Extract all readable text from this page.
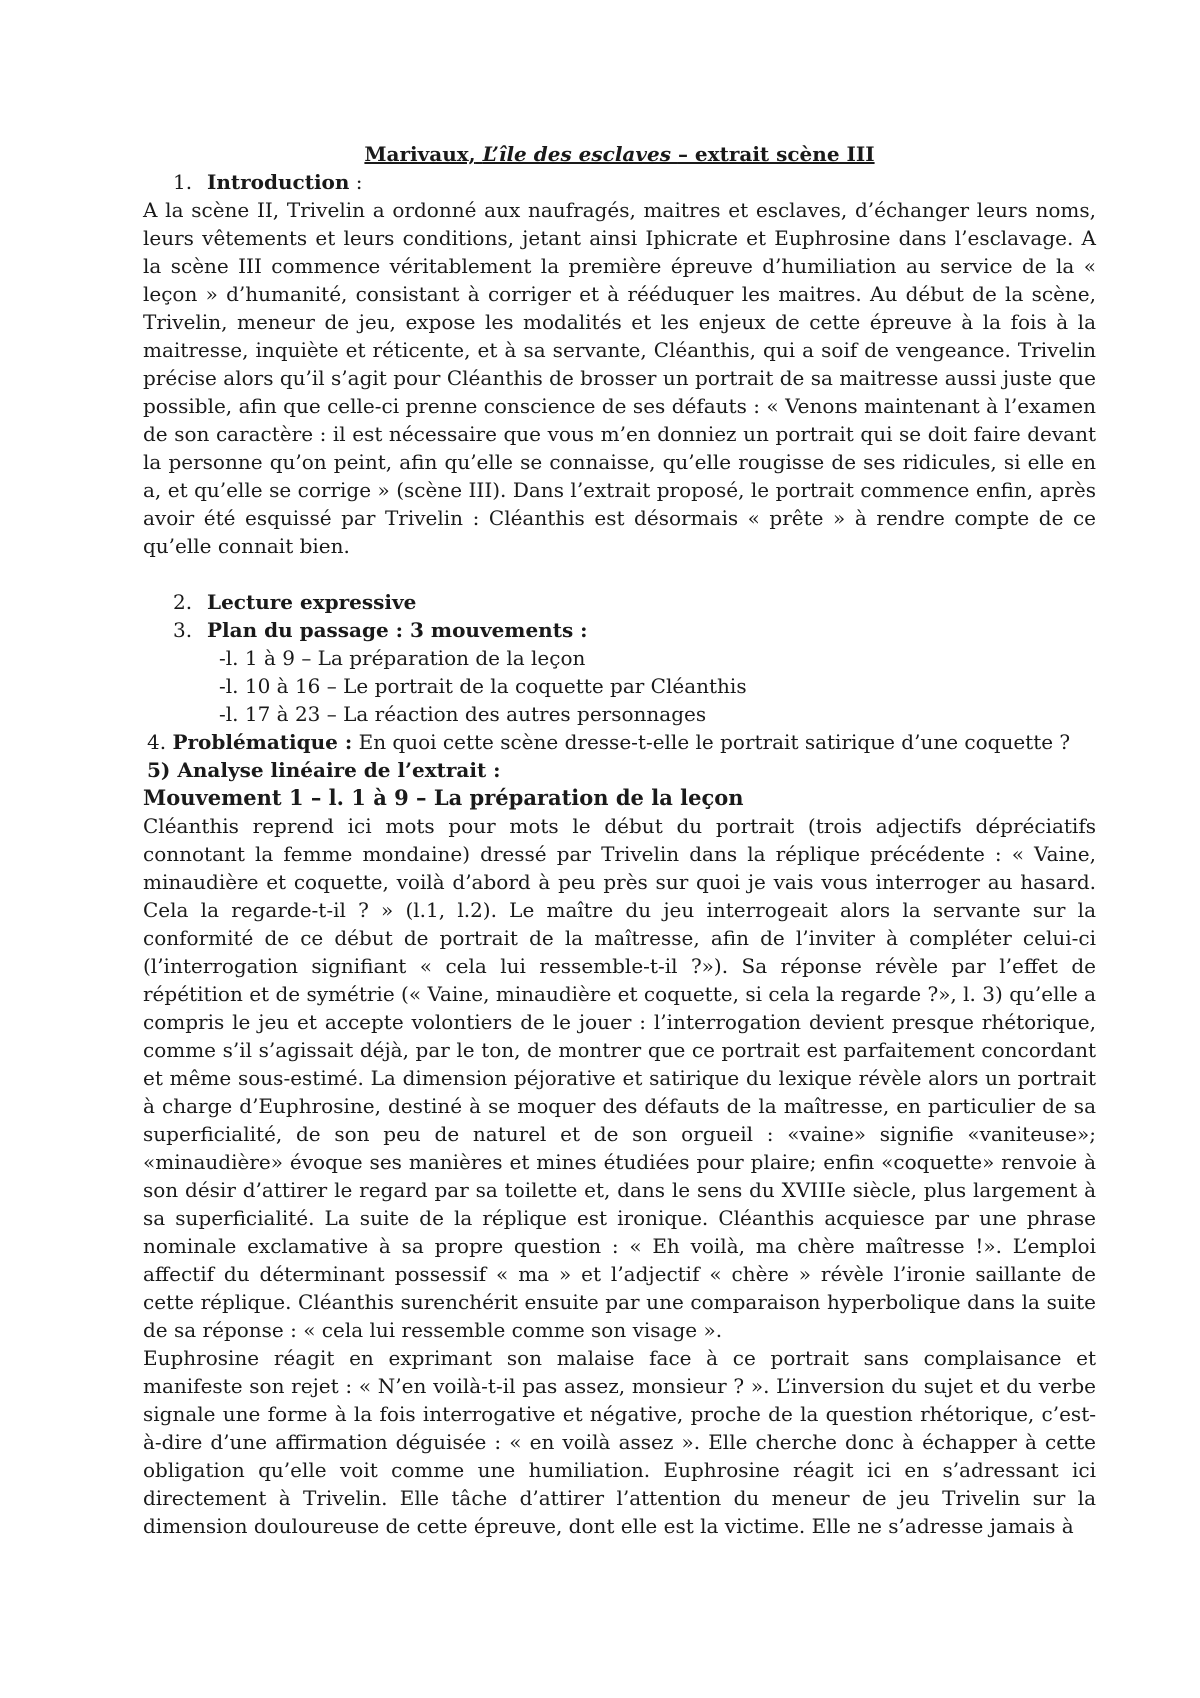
Marivaux, L’île des esclaves – extrait scène III
1. Introduction :

A la scène II, Trivelin a ordonné aux naufragés, maitres et esclaves, d’échanger leurs noms, leurs vêtements et leurs conditions, jetant ainsi Iphicrate et Euphrosine dans l’esclavage. A la scène III commence véritablement la première épreuve d’humiliation au service de la « leçon » d’humanité, consistant à corriger et à rééduquer les maitres. Au début de la scène, Trivelin, meneur de jeu, expose les modalités et les enjeux de cette épreuve à la fois à la maitresse, inquiète et réticente, et à sa servante, Cléanthis, qui a soif de vengeance. Trivelin précise alors qu’il s’agit pour Cléanthis de brosser un portrait de sa maitresse aussi juste que possible, afin que celle-ci prenne conscience de ses défauts : « Venons maintenant à l’examen de son caractère : il est nécessaire que vous m’en donniez un portrait qui se doit faire devant la personne qu’on peint, afin qu’elle se connaisse, qu’elle rougisse de ses ridicules, si elle en a, et qu’elle se corrige » (scène III). Dans l’extrait proposé, le portrait commence enfin, après avoir été esquissé par Trivelin : Cléanthis est désormais « prête » à rendre compte de ce qu’elle connait bien.

2. Lecture expressive
3. Plan du passage : 3 mouvements :
-l. 1 à 9 – La préparation de la leçon
-l. 10 à 16 – Le portrait de la coquette par Cléanthis
-l. 17 à 23 – La réaction des autres personnages
4. Problématique : En quoi cette scène dresse-t-elle le portrait satirique d’une coquette ?
5) Analyse linéaire de l’extrait :
Mouvement 1 – l. 1 à 9 – La préparation de la leçon

Cléanthis reprend ici mots pour mots le début du portrait (trois adjectifs dépréciatifs connotant la femme mondaine) dressé par Trivelin dans la réplique précédente : « Vaine, minaudière et coquette, voilà d’abord à peu près sur quoi je vais vous interroger au hasard. Cela la regarde-t-il ? » (l.1, l.2). Le maître du jeu interrogeait alors la servante sur la conformité de ce début de portrait de la maîtresse, afin de l’inviter à compléter celui-ci (l’interrogation signifiant « cela lui ressemble-t-il ?»). Sa réponse révèle par l’effet de répétition et de symétrie (« Vaine, minaudière et coquette, si cela la regarde ?», l. 3) qu’elle a compris le jeu et accepte volontiers de le jouer : l’interrogation devient presque rhétorique, comme s’il s’agissait déjà, par le ton, de montrer que ce portrait est parfaitement concordant et même sous-estimé. La dimension péjorative et satirique du lexique révèle alors un portrait à charge d’Euphrosine, destiné à se moquer des défauts de la maîtresse, en particulier de sa superficialité, de son peu de naturel et de son orgueil : «vaine» signifie «vaniteuse»; «minaudière» évoque ses manières et mines étudiées pour plaire; enfin «coquette» renvoie à son désir d’attirer le regard par sa toilette et, dans le sens du XVIIIe siècle, plus largement à sa superficialité. La suite de la réplique est ironique. Cléanthis acquiesce par une phrase nominale exclamative à sa propre question : « Eh voilà, ma chère maîtresse !». L’emploi affectif du déterminant possessif « ma » et l’adjectif « chère » révèle l’ironie saillante de cette réplique. Cléanthis surenchérit ensuite par une comparaison hyperbolique dans la suite de sa réponse : « cela lui ressemble comme son visage ».

Euphrosine réagit en exprimant son malaise face à ce portrait sans complaisance et manifeste son rejet : « N’en voilà-t-il pas assez, monsieur ? ». L’inversion du sujet et du verbe signale une forme à la fois interrogative et négative, proche de la question rhétorique, c’est-à-dire d’une affirmation déguisée : « en voilà assez ». Elle cherche donc à échapper à cette obligation qu’elle voit comme une humiliation. Euphrosine réagit ici en s’adressant ici directement à Trivelin. Elle tâche d’attirer l’attention du meneur de jeu Trivelin sur la dimension douloureuse de cette épreuve, dont elle est la victime. Elle ne s’adresse jamais à
